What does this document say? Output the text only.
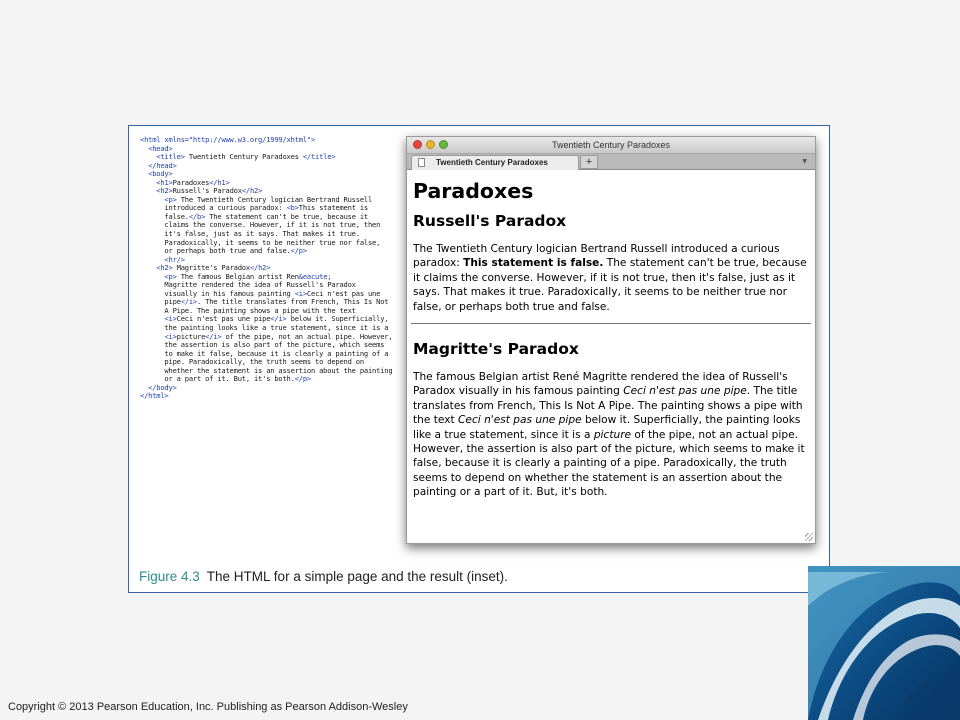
<html xmlns="http://www.w3.org/1999/xhtml">
<head>
<title> Twentieth Century Paradoxes </title>
</head>
<body>
<h1>Paradoxes</h1>
<h2>Russell's Paradox</h2>
<p> The Twentieth Century logician Bertrand Russell
introduced a curious paradox: <b>This statement is
false.</b> The statement can't be true, because it
claims the converse. However, if it is not true, then
it's false, just as it says. That makes it true.
Paradoxically, it seems to be neither true nor false,
or perhaps both true and false.</p>
<hr/>
<h2> Magritte's Paradox</h2>
<p> The famous Belgian artist Ren&eacute;
Magritte rendered the idea of Russell's Paradox
visually in his famous painting <i>Ceci n'est pas une
pipe</i>. The title translates from French, This Is Not
A Pipe. The painting shows a pipe with the text
<i>Ceci n'est pas une pipe</i> below it. Superficially,
the painting looks like a true statement, since it is a
<i>picture</i> of the pipe, not an actual pipe. However,
the assertion is also part of the picture, which seems
to make it false, because it is clearly a painting of a
pipe. Paradoxically, the truth seems to depend on
whether the statement is an assertion about the painting
or a part of it. But, it's both.</p>
</body>
</html>
Twentieth Century Paradoxes
Twentieth Century Paradoxes	+	▼
Paradoxes
Russell's Paradox

The Twentieth Century logician Bertrand Russell introduced a curious paradox: This statement is false. The statement can't be true, because it claims the converse. However, if it is not true, then it's false, just as it says. That makes it true. Paradoxically, it seems to be neither true nor false, or perhaps both true and false.

Magritte's Paradox

The famous Belgian artist René Magritte rendered the idea of Russell's Paradox visually in his famous painting Ceci n'est pas une pipe. The title translates from French, This Is Not A Pipe. The painting shows a pipe with the text Ceci n'est pas une pipe below it. Superficially, the painting looks like a true statement, since it is a picture of the pipe, not an actual pipe. However, the assertion is also part of the picture, which seems to make it false, because it is clearly a painting of a pipe. Paradoxically, the truth seems to depend on whether the statement is an assertion about the painting or a part of it. But, it's both.

Figure 4.3 The HTML for a simple page and the result (inset).
Copyright © 2013 Pearson Education, Inc. Publishing as Pearson Addison-Wesley
